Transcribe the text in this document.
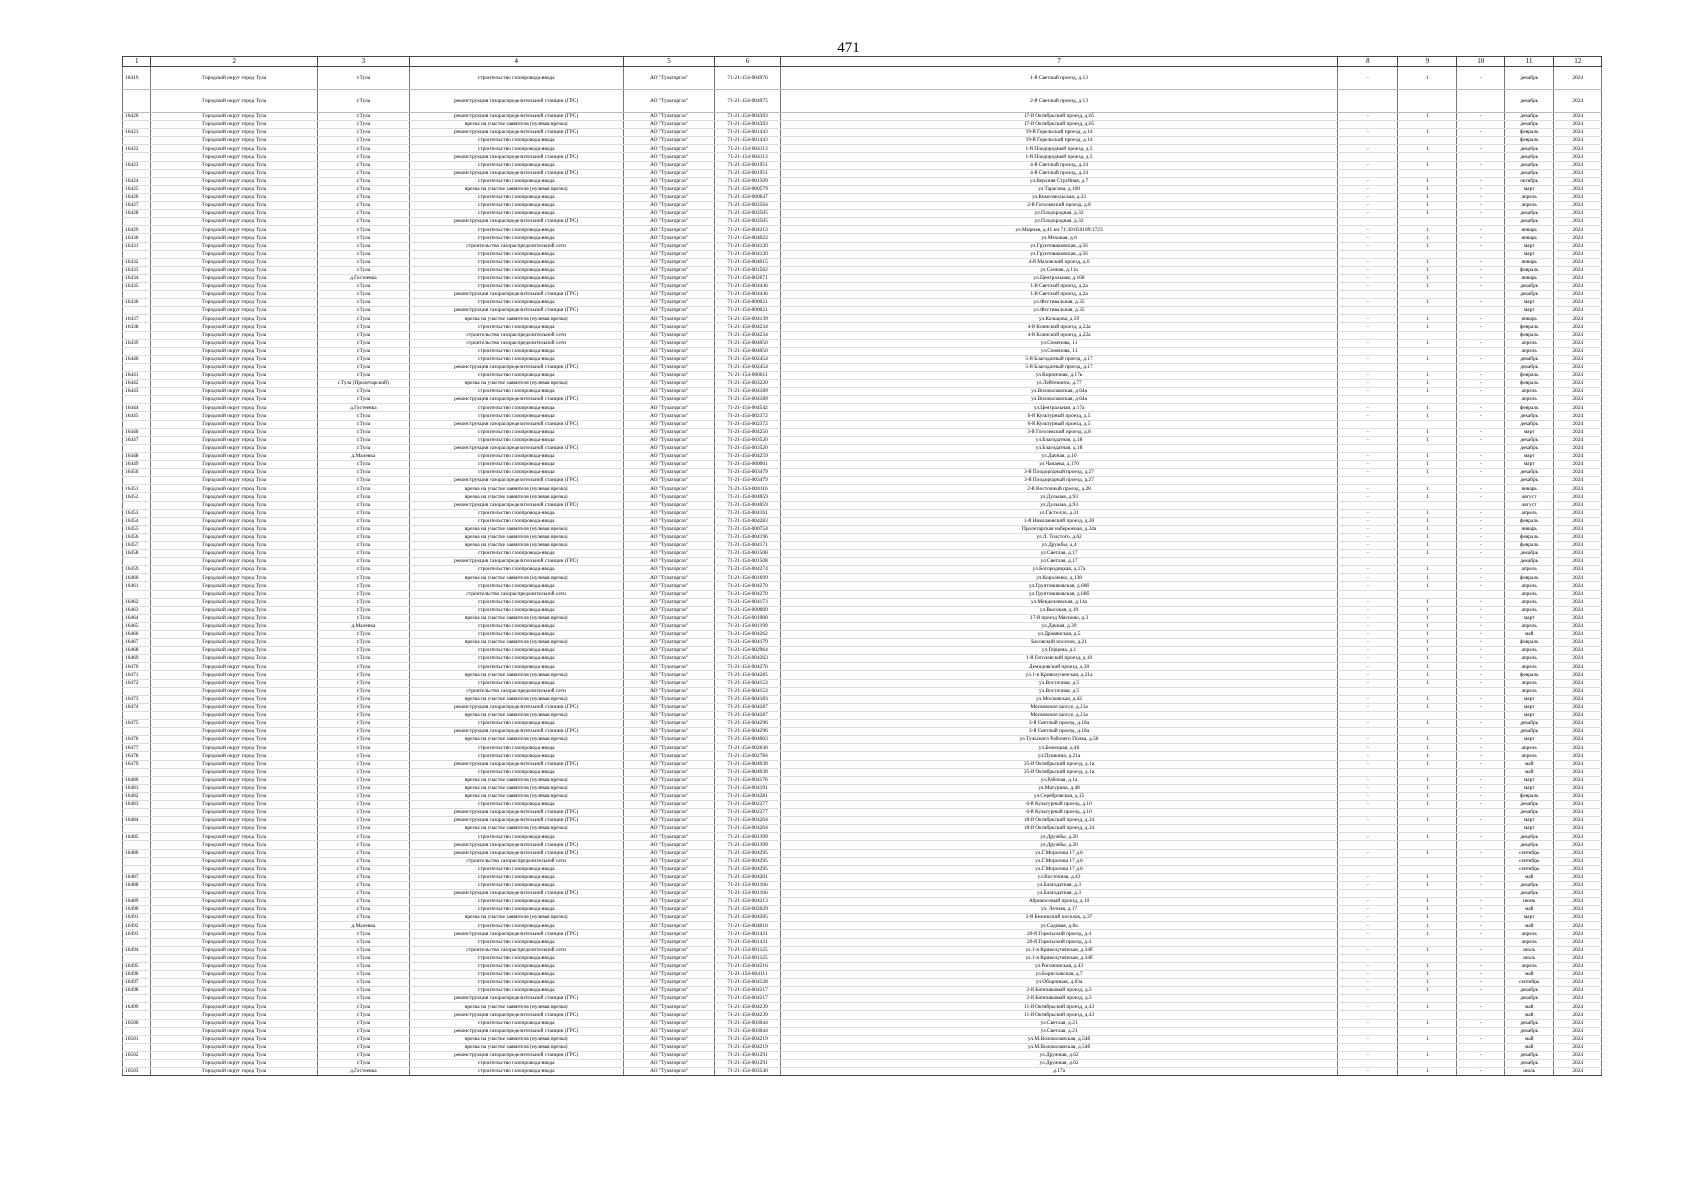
471
1	2	3	4	5	6	7	8	9	10	11	12
16419	Городской округ город Тула	г.Тула	строительство газопровода-ввода	АО "Тулагоргаз"	71-21-154-004976	1-й Светлый проезд, д.13	-	1	-	декабрь	2024
	Городской округ город Тула	г.Тула	реконструкция газораспределительной станции (ГРС)	АО "Тулагоргаз"	71-21-154-004975	2-й Светлый проезд, д.13				декабрь	2024
16420	Городской округ город Тула	г.Тула	реконструкция газораспределительной станции (ГРС)	АО "Тулагоргаз"	71-21-154-004393	17-й Октябрьский проезд, д.65	-	1	-	декабрь	2024
	Городской округ город Тула	г.Тула	врезка на участке заявителя (нулевая врезка)	АО "Тулагоргаз"	71-21-154-004393	17-й Октябрьский проезд, д.65				декабрь	2024
16421	Городской округ город Тула	г.Тула	реконструкция газораспределительной станции (ГРС)	АО "Тулагоргаз"	71-21-154-001443	19-й Горельский проезд, д.14	-	1	-	февраль	2024
	Городской округ город Тула	г.Тула	строительство газопровода-ввода	АО "Тулагоргаз"	71-21-154-001443	19-й Горельский проезд, д.14				февраль	2024
16422	Городской округ город Тула	г.Тула	строительство газопровода-ввода	АО "Тулагоргаз"	71-21-154-004113	1-й Плодородный проезд, д.5	-	1	-	декабрь	2024
	Городской округ город Тула	г.Тула	реконструкция газораспределительной станции (ГРС)	АО "Тулагоргаз"	71-21-154-004113	1-й Плодородный проезд, д.5				декабрь	2024
16423	Городской округ город Тула	г.Тула	строительство газопровода-ввода	АО "Тулагоргаз"	71-21-154-001951	4-й Светлый проезд, д.24	-	1	-	декабрь	2024
	Городской округ город Тула	г.Тула	реконструкция газораспределительной станции (ГРС)	АО "Тулагоргаз"	71-21-154-001951	4-й Светлый проезд, д.24				декабрь	2024
16424	Городской округ город Тула	г.Тула	строительство газопровода-ввода	АО "Тулагоргаз"	71-21-154-001509	ул.Верхняя Струйная, д.7	-	1	-	октябрь	2024
16425	Городской округ город Тула	г.Тула	врезка на участке заявителя (нулевая врезка)	АО "Тулагоргаз"	71-21-154-000579	ул.Тарасова, д.100	-	1	-	март	2024
16426	Городской округ город Тула	г.Тула	строительство газопровода-ввода	АО "Тулагоргаз"	71-21-154-000647	ул.Комсомольская, д.22	-	1	-	апрель	2024
16427	Городской округ город Тула	г.Тула	строительство газопровода-ввода	АО "Тулагоргаз"	71-21-154-002564	2-й Гоголевский проезд, д.8	-	1	-	апрель	2024
16428	Городской округ город Тула	г.Тула	строительство газопровода-ввода	АО "Тулагоргаз"	71-21-154-003505	ул.Плодородная, д.32	-	1	-	декабрь	2024
	Городской округ город Тула	г.Тула	реконструкция газораспределительной станции (ГРС)	АО "Тулагоргаз"	71-21-154-003505	ул.Плодородная, д.32				декабрь	2024
16429	Городской округ город Тула	г.Тула	строительство газопровода-ввода	АО "Тулагоргаз"	71-21-154-004213	ул.Мирная, д.41 кн 71:30:050109:1723	-	1	-	январь	2024
16430	Городской округ город Тула	г.Тула	строительство газопровода-ввода	АО "Тулагоргаз"	71-21-154-004022	ул.Меховая, д.6	-	1	-	январь	2024
16431	Городской округ город Тула	г.Тула	строительство газораспределительной сети	АО "Тулагоргаз"	71-21-154-004120	ул.Грунтовиковская, д.56	-	1	-	март	2024
	Городской округ город Тула	г.Тула	строительство газопровода-ввода	АО "Тулагоргаз"	71-21-154-004120	ул.Грунтовиковская, д.56				март	2024
16432	Городской округ город Тула	г.Тула	строительство газопровода-ввода	АО "Тулагоргаз"	71-21-154-004015	4-й Маловский проезд, д.6	-	1	-	январь	2024
16433	Городской округ город Тула	г.Тула	строительство газопровода-ввода	АО "Тулагоргаз"	71-21-154-001562	ул.Сенная, д.11а	-	1	-	февраль	2024
16434	Городской округ город Тула	д.Гостеевка	строительство газопровода-ввода	АО "Тулагоргаз"	71-21-154-002671	ул.Центральная, д.168	-	1	-	январь	2024
16435	Городской округ город Тула	г.Тула	строительство газопровода-ввода	АО "Тулагоргаз"	71-21-154-004436	1-й Светлый проезд, д.2а	-	1	-	декабрь	2024
	Городской округ город Тула	г.Тула	реконструкция газораспределительной станции (ГРС)	АО "Тулагоргаз"	71-21-154-004436	1-й Светлый проезд, д.2а				декабрь	2024
16436	Городской округ город Тула	г.Тула	строительство газопровода-ввода	АО "Тулагоргаз"	71-21-154-000021	ул.Фестивальная, д.35	-	1	-	март	2024
	Городской округ город Тула	г.Тула	реконструкция газораспределительной станции (ГРС)	АО "Тулагоргаз"	71-21-154-000021	ул.Фестивальная, д.35				март	2024
16437	Городской округ город Тула	г.Тула	врезка на участке заявителя (нулевая врезка)	АО "Тулагоргаз"	71-21-154-004139	ул.Кольцова, д.59	-	1	-	январь	2024
16438	Городской округ город Тула	г.Тула	строительство газопровода-ввода	АО "Тулагоргаз"	71-21-154-004234	4-й Клинский проезд, д.22а	-	1	-	февраль	2024
	Городской округ город Тула	г.Тула	строительство газораспределительной сети	АО "Тулагоргаз"	71-21-154-004234	4-й Клинский проезд, д.22а				февраль	2024
16439	Городской округ город Тула	г.Тула	строительство газораспределительной сети	АО "Тулагоргаз"	71-21-154-004050	ул.Семенова, 11	-	1	-	апрель	2024
	Городской округ город Тула	г.Тула	строительство газопровода-ввода	АО "Тулагоргаз"	71-21-154-004050	ул.Семенова, 11				апрель	2024
16440	Городской округ город Тула	г.Тула	строительство газопровода-ввода	АО "Тулагоргаз"	71-21-154-002454	5-й Благодатный проезд, д.17	-	1	-	декабрь	2024
	Городской округ город Тула	г.Тула	реконструкция газораспределительной станции (ГРС)	АО "Тулагоргаз"	71-21-154-002454	5-й Благодатный проезд, д.17				декабрь	2024
16441	Городской округ город Тула	г.Тула	строительство газопровода-ввода	АО "Тулагоргаз"	71-21-154-000611	ул.Кирпичная, д.17к	-	1	-	февраль	2024
16442	Городской округ город Тула	г.Тула (Пролетарский)	врезка на участке заявителя (нулевая врезка)	АО "Тулагоргаз"	71-21-154-003220	ул.Лейтенанта, д.77	-	1	-	февраль	2024
16443	Городской округ город Тула	г.Тула	строительство газопровода-ввода	АО "Тулагоргаз"	71-21-154-004189	ул.Волоколамская, д.64а	-	1	-	апрель	2024
	Городской округ город Тула	г.Тула	реконструкция газораспределительной станции (ГРС)	АО "Тулагоргаз"	71-21-154-004189	ул.Волоколамская, д.64а				апрель	2024
16444	Городской округ город Тула	д.Гостеевка	строительство газопровода-ввода	АО "Тулагоргаз"	71-21-154-004542	ул.Центральная, д.17а	-	1	-	февраль	2024
16445	Городской округ город Тула	г.Тула	строительство газопровода-ввода	АО "Тулагоргаз"	71-21-154-002372	6-й Культурный проезд, д.5	-	1	-	декабрь	2024
	Городской округ город Тула	г.Тула	реконструкция газораспределительной станции (ГРС)	АО "Тулагоргаз"	71-21-154-002372	6-й Культурный проезд, д.5				декабрь	2024
16446	Городской округ город Тула	г.Тула	строительство газопровода-ввода	АО "Тулагоргаз"	71-21-154-004250	3-й Гоголевский проезд, д.8	-	1	-	март	2024
16447	Городской округ город Тула	г.Тула	строительство газопровода-ввода	АО "Тулагоргаз"	71-21-154-003520	ул.Благодатная, д.18	-	1	-	декабрь	2024
	Городской округ город Тула	г.Тула	реконструкция газораспределительной станции (ГРС)	АО "Тулагоргаз"	71-21-154-003520	ул.Благодатная, д.18				декабрь	2024
16448	Городской округ город Тула	д.Малевка	строительство газопровода-ввода	АО "Тулагоргаз"	71-21-154-004259	ул.Дачная, д.10	-	1	-	март	2024
16449	Городской округ город Тула	г.Тула	строительство газопровода-ввода	АО "Тулагоргаз"	71-21-154-000061	ул.Чапаева, д.170	-	1	-	март	2024
16450	Городской округ город Тула	г.Тула	строительство газопровода-ввода	АО "Тулагоргаз"	71-21-154-003479	3-й Плодородный проезд, д.27	-	1	-	декабрь	2024
	Городской округ город Тула	г.Тула	реконструкция газораспределительной станции (ГРС)	АО "Тулагоргаз"	71-21-154-003479	3-й Плодородный проезд, д.27				декабрь	2024
16451	Городской округ город Тула	г.Тула	врезка на участке заявителя (нулевая врезка)	АО "Тулагоргаз"	71-21-154-004116	2-й Восточный проезд, д.28	-	1	-	январь	2024
16452	Городской округ город Тула	г.Тула	врезка на участке заявителя (нулевая врезка)	АО "Тулагоргаз"	71-21-154-004059	ул.Дульная, д.93	-	1	-	август	2024
	Городской округ город Тула	г.Тула	реконструкция газораспределительной станции (ГРС)	АО "Тулагоргаз"	71-21-154-004059	ул.Дульная, д.93				август	2024
16453	Городской округ город Тула	г.Тула	строительство газопровода-ввода	АО "Тулагоргаз"	71-21-154-004161	ул.Гастелло, д.31	-	1	-	апрель	2024
16454	Городской округ город Тула	г.Тула	строительство газопровода-ввода	АО "Тулагоргаз"	71-21-154-004283	1-й Николаевский проезд, д.30	-	1	-	февраль	2024
16455	Городской округ город Тула	г.Тула	врезка на участке заявителя (нулевая врезка)	АО "Тулагоргаз"	71-21-154-000754	Пролетарская набережная, д.34а	-	1	-	январь	2024
16456	Городской округ город Тула	г.Тула	врезка на участке заявителя (нулевая врезка)	АО "Тулагоргаз"	71-21-154-004196	ул.Л. Толстого, д.62	-	1	-	февраль	2024
16457	Городской округ город Тула	г.Тула	врезка на участке заявителя (нулевая врезка)	АО "Тулагоргаз"	71-21-154-004171	ул.Дружбы, д.4	-	1	-	февраль	2024
16458	Городской округ город Тула	г.Тула	строительство газопровода-ввода	АО "Тулагоргаз"	71-21-154-001508	ул.Светлая, д.17	-	1	-	декабрь	2024
	Городской округ город Тула	г.Тула	реконструкция газораспределительной станции (ГРС)	АО "Тулагоргаз"	71-21-154-001508	ул.Светлая, д.17				декабрь	2024
16459	Городской округ город Тула	г.Тула	строительство газопровода-ввода	АО "Тулагоргаз"	71-21-154-004274	ул.Богородицкая, д.17а	-	1	-	апрель	2024
16460	Городской округ город Тула	г.Тула	врезка на участке заявителя (нулевая врезка)	АО "Тулагоргаз"	71-21-154-001699	ул.Короленко, д.138	-	1	-	февраль	2024
16461	Городской округ город Тула	г.Тула	строительство газопровода-ввода	АО "Тулагоргаз"	71-21-154-004270	ул.Грунтовиковская, д.66б	-	1	-	апрель	2024
	Городской округ город Тула	г.Тула	строительство газораспределительной сети	АО "Тулагоргаз"	71-21-154-004270	ул.Грунтовиковская, д.66б				апрель	2024
16462	Городской округ город Тула	г.Тула	строительство газопровода-ввода	АО "Тулагоргаз"	71-21-154-004173	ул.Менделеевская, д.14а	-	1	-	апрель	2024
16463	Городской округ город Тула	г.Тула	строительство газопровода-ввода	АО "Тулагоргаз"	71-21-154-000009	ул.Высокая, д.10	-	1	-	апрель	2024
16464	Городской округ город Тула	г.Тула	врезка на участке заявителя (нулевая врезка)	АО "Тулагоргаз"	71-21-154-001900	17-й проезд Мясново, д.3	-	1	-	март	2024
16465	Городской округ город Тула	д.Малевка	строительство газопровода-ввода	АО "Тулагоргаз"	71-21-154-001199	ул.Дачная, д.39	-	1	-	апрель	2024
16466	Городской округ город Тула	г.Тула	строительство газопровода-ввода	АО "Тулагоргаз"	71-21-154-004262	ул.Дровянская, д.5	-	1	-	май	2024
16467	Городской округ город Тула	г.Тула	врезка на участке заявителя (нулевая врезка)	АО "Тулагоргаз"	71-21-154-004179	Басовский поселок, д.21	-	1	-	февраль	2024
16468	Городской округ город Тула	г.Тула	строительство газопровода-ввода	АО "Тулагоргаз"	71-21-154-002964	ул.Герцена, д.1	-	1	-	апрель	2024
16469	Городской округ город Тула	г.Тула	строительство газопровода-ввода	АО "Тулагоргаз"	71-21-154-004263	1-й Гоголевский проезд, д.10	-	1	-	апрель	2024
16470	Городской округ город Тула	г.Тула	строительство газопровода-ввода	АО "Тулагоргаз"	71-21-154-004276	Демидовский проезд, д.30	-	1	-	апрель	2024
16471	Городской округ город Тула	г.Тула	врезка на участке заявителя (нулевая врезка)	АО "Тулагоргаз"	71-21-154-004285	ул.1-я Криволученская, д.21а	-	1	-	февраль	2024
16472	Городской округ город Тула	г.Тула	строительство газопровода-ввода	АО "Тулагоргаз"	71-21-154-004153	ул.Восточная, д.5	-	1	-	апрель	2024
	Городской округ город Тула	г.Тула	строительство газораспределительной сети	АО "Тулагоргаз"	71-21-154-004153	ул.Восточная, д.5				апрель	2024
16473	Городской округ город Тула	г.Тула	врезка на участке заявителя (нулевая врезка)	АО "Тулагоргаз"	71-21-154-004183	ул.Московская, д.42	-	1	-	март	2024
16474	Городской округ город Тула	г.Тула	реконструкция газораспределительной станции (ГРС)	АО "Тулагоргаз"	71-21-154-004287	Московское шоссе, д.21а	-	1	-	март	2024
	Городской округ город Тула	г.Тула	врезка на участке заявителя (нулевая врезка)	АО "Тулагоргаз"	71-21-154-004287	Московское шоссе, д.21а				март	2024
16475	Городской округ город Тула	г.Тула	строительство газопровода-ввода	АО "Тулагоргаз"	71-21-154-004296	2-й Светлый проезд, д.18а	-	1	-	декабрь	2024
	Городской округ город Тула	г.Тула	реконструкция газораспределительной станции (ГРС)	АО "Тулагоргаз"	71-21-154-004296	2-й Светлый проезд, д.18а				декабрь	2024
16476	Городской округ город Тула	г.Тула	врезка на участке заявителя (нулевая врезка)	АО "Тулагоргаз"	71-21-154-004003	ул.Тульского Рабочего Полка, д.56	-	1	-	март	2024
16477	Городской округ город Тула	г.Тула	строительство газопровода-ввода	АО "Тулагоргаз"	71-21-154-002630	ул.Бежецкая, д.46	-	1	-	апрель	2024
16478	Городской округ город Тула	г.Тула	строительство газопровода-ввода	АО "Тулагоргаз"	71-21-154-002784	ул.Пушкина, д.21а	-	1	-	апрель	2024
16479	Городской округ город Тула	г.Тула	реконструкция газораспределительной станции (ГРС)	АО "Тулагоргаз"	71-21-154-004030	25-й Октябрьский проезд, д.1а	-	1	-	май	2024
	Городской округ город Тула	г.Тула	строительство газопровода-ввода	АО "Тулагоргаз"	71-21-154-004030	25-й Октябрьский проезд, д.1а				май	2024
16480	Городской округ город Тула	г.Тула	врезка на участке заявителя (нулевая врезка)	АО "Тулагоргаз"	71-21-154-004176	ул.Рабочая, д.1а	-	1	-	март	2024
16481	Городской округ город Тула	г.Тула	врезка на участке заявителя (нулевая врезка)	АО "Тулагоргаз"	71-21-154-004191	ул.Матурина, д.48	-	1	-	март	2024
16482	Городской округ город Тула	г.Тула	врезка на участке заявителя (нулевая врезка)	АО "Тулагоргаз"	71-21-154-004281	ул.Серебровская, д.15	-	1	-	февраль	2024
16483	Городской округ город Тула	г.Тула	строительство газопровода-ввода	АО "Тулагоргаз"	71-21-154-002277	6-й Культурный проезд, д.10	-	1	-	декабрь	2024
	Городской округ город Тула	г.Тула	реконструкция газораспределительной станции (ГРС)	АО "Тулагоргаз"	71-21-154-002277	6-й Культурный проезд, д.10				декабрь	2024
16484	Городской округ город Тула	г.Тула	реконструкция газораспределительной станции (ГРС)	АО "Тулагоргаз"	71-21-154-004204	18-й Октябрьский проезд, д.34	-	1	-	март	2024
	Городской округ город Тула	г.Тула	врезка на участке заявителя (нулевая врезка)	АО "Тулагоргаз"	71-21-154-004204	18-й Октябрьский проезд, д.34				март	2024
16485	Городской округ город Тула	г.Тула	строительство газопровода-ввода	АО "Тулагоргаз"	71-21-154-001399	ул.Дружбы, д.20	-	1	-	декабрь	2024
	Городской округ город Тула	г.Тула	реконструкция газораспределительной станции (ГРС)	АО "Тулагоргаз"	71-21-154-001399	ул.Дружбы, д.20				декабрь	2024
16486	Городской округ город Тула	г.Тула	реконструкция газораспределительной станции (ГРС)	АО "Тулагоргаз"	71-21-154-004295	ул.Г.Морозова 17 д.6	-	1	-	сентябрь	2024
	Городской округ город Тула	г.Тула	строительство газораспределительной сети	АО "Тулагоргаз"	71-21-154-004295	ул.Г.Морозова 17 д.6				сентябрь	2024
	Городской округ город Тула	г.Тула	строительство газопровода-ввода	АО "Тулагоргаз"	71-21-154-004295	ул.Г.Морозова 17 д.6				сентябрь	2024
16487	Городской округ город Тула	г.Тула	строительство газопровода-ввода	АО "Тулагоргаз"	71-21-154-004201	ул.Восточная, д.43	-	1	-	май	2024
16488	Городской округ город Тула	г.Тула	строительство газопровода-ввода	АО "Тулагоргаз"	71-21-154-001166	ул.Благодатная, д.3	-	1	-	декабрь	2024
	Городской округ город Тула	г.Тула	реконструкция газораспределительной станции (ГРС)	АО "Тулагоргаз"	71-21-154-001166	ул.Благодатная, д.3				декабрь	2024
16489	Городской округ город Тула	г.Тула	строительство газопровода-ввода	АО "Тулагоргаз"	71-21-154-004213	Абрикосовый проезд, д.10	-	1	-	июнь	2024
16490	Городской округ город Тула	г.Тула	строительство газопровода-ввода	АО "Тулагоргаз"	71-21-154-002029	ул. Летная, д.17	-	1	-	май	2024
16491	Городской округ город Тула	г.Тула	врезка на участке заявителя (нулевая врезка)	АО "Тулагоргаз"	71-21-154-004285	2-й Бежинский поселок, д.37	-	1	-	март	2024
16492	Городской округ город Тула	д.Малевка	строительство газопровода-ввода	АО "Тулагоргаз"	71-21-154-004018	ул.Садовая, д.8а	-	1	-	май	2024
16493	Городской округ город Тула	г.Тула	реконструкция газораспределительной станции (ГРС)	АО "Тулагоргаз"	71-21-154-001431	20-й Горельский проезд, д.4	-	1	-	апрель	2024
	Городской округ город Тула	г.Тула	строительство газопровода-ввода	АО "Тулагоргаз"	71-21-154-001431	20-й Горельский проезд, д.4				апрель	2024
16494	Городской округ город Тула	г.Тула	строительство газораспределительной сети	АО "Тулагоргаз"	71-21-154-001125	ул.1-я Криволученская, д.34б	-	1	-	июль	2024
	Городской округ город Тула	г.Тула	строительство газопровода-ввода	АО "Тулагоргаз"	71-21-154-001125	ул.1-я Криволученская, д.34б				июль	2024
16495	Городской округ город Тула	г.Тула	строительство газопровода-ввода	АО "Тулагоргаз"	71-21-154-004216	ул.Рогожинская, д.43	-	1	-	апрель	2024
16496	Городской округ город Тула	г.Тула	строительство газопровода-ввода	АО "Тулагоргаз"	71-21-154-004111	ул.Бориславская, д.7	-	1	-	май	2024
16497	Городской округ город Тула	г.Тула	строительство газопровода-ввода	АО "Тулагоргаз"	71-21-154-004128	ул.Оборонная, д.83а	-	1	-	сентябрь	2024
16498	Городской округ город Тула	г.Тула	строительство газопровода-ввода	АО "Тулагоргаз"	71-21-154-004217	2-й Батюшковый проезд, д.3	-	1	-	декабрь	2024
	Городской округ город Тула	г.Тула	реконструкция газораспределительной станции (ГРС)	АО "Тулагоргаз"	71-21-154-004217	2-й Батюшковый проезд, д.3				декабрь	2024
16499	Городской округ город Тула	г.Тула	врезка на участке заявителя (нулевая врезка)	АО "Тулагоргаз"	71-21-154-004239	11-й Октябрьский проезд, д.43	-	1	-	май	2024
	Городской округ город Тула	г.Тула	реконструкция газораспределительной станции (ГРС)	АО "Тулагоргаз"	71-21-154-004239	11-й Октябрьский проезд, д.43				май	2024
16500	Городской округ город Тула	г.Тула	строительство газопровода-ввода	АО "Тулагоргаз"	71-21-154-003044	ул.Светлая, д.21	-	1	-	декабрь	2024
	Городской округ город Тула	г.Тула	реконструкция газораспределительной станции (ГРС)	АО "Тулагоргаз"	71-21-154-003044	ул.Светлая, д.21				декабрь	2024
16501	Городской округ город Тула	г.Тула	врезка на участке заявителя (нулевая врезка)	АО "Тулагоргаз"	71-21-154-004219	ул.М.Волоколамская, д.54б	-	1	-	май	2024
	Городской округ город Тула	г.Тула	врезка на участке заявителя (нулевая врезка)	АО "Тулагоргаз"	71-21-154-004219	ул.М.Волоколамская, д.54б				май	2024
16502	Городской округ город Тула	г.Тула	реконструкция газораспределительной станции (ГРС)	АО "Тулагоргаз"	71-21-154-001291	ул.Дружная, д.62	-	1	-	декабрь	2024
	Городской округ город Тула	г.Тула	строительство газопровода-ввода	АО "Тулагоргаз"	71-21-154-001291	ул.Дружная, д.62				декабрь	2024
16503	Городской округ город Тула	д.Гостеевка	строительство газопровода-ввода	АО "Тулагоргаз"	71-21-154-003540	д.17а	-	1	-	июль	2024
